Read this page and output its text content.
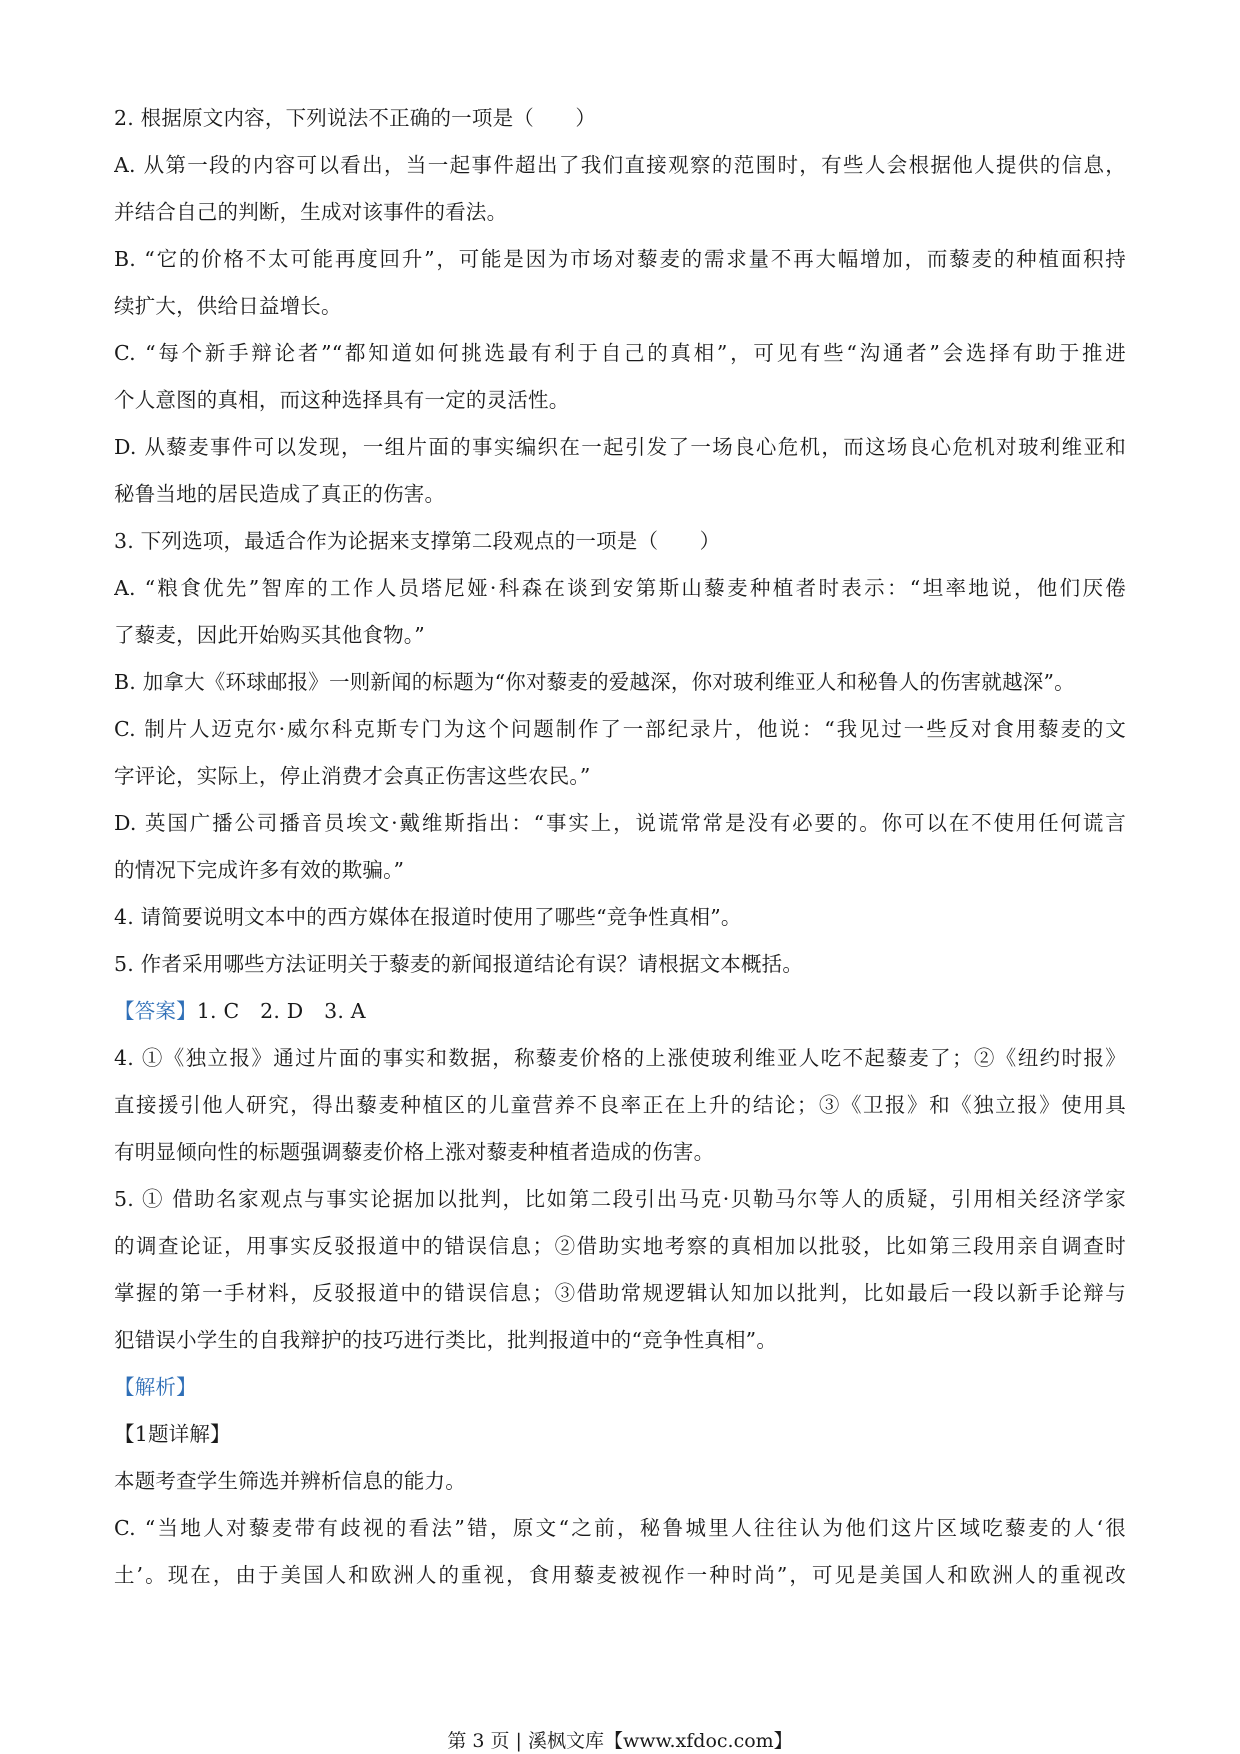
2. 根据原文内容，下列说法不正确的一项是（　　）
A. 从第一段的内容可以看出，当一起事件超出了我们直接观察的范围时，有些人会根据他人提供的信息，
并结合自己的判断，生成对该事件的看法。
B. “它的价格不太可能再度回升”，可能是因为市场对藜麦的需求量不再大幅增加，而藜麦的种植面积持
续扩大，供给日益增长。
C. “每个新手辩论者”“都知道如何挑选最有利于自己的真相”，可见有些“沟通者”会选择有助于推进
个人意图的真相，而这种选择具有一定的灵活性。
D. 从藜麦事件可以发现，一组片面的事实编织在一起引发了一场良心危机，而这场良心危机对玻利维亚和
秘鲁当地的居民造成了真正的伤害。
3. 下列选项，最适合作为论据来支撑第二段观点的一项是（　　）
A. “粮食优先”智库的工作人员塔尼娅·科森在谈到安第斯山藜麦种植者时表示：“坦率地说，他们厌倦
了藜麦，因此开始购买其他食物。”
B. 加拿大《环球邮报》一则新闻的标题为“你对藜麦的爱越深，你对玻利维亚人和秘鲁人的伤害就越深”。
C. 制片人迈克尔·威尔科克斯专门为这个问题制作了一部纪录片，他说：“我见过一些反对食用藜麦的文
字评论，实际上，停止消费才会真正伤害这些农民。”
D. 英国广播公司播音员埃文·戴维斯指出：“事实上，说谎常常是没有必要的。你可以在不使用任何谎言
的情况下完成许多有效的欺骗。”
4. 请简要说明文本中的西方媒体在报道时使用了哪些“竞争性真相”。
5. 作者采用哪些方法证明关于藜麦的新闻报道结论有误？请根据文本概括。
【答案】1. C　2. D　3. A
4. ①《独立报》通过片面的事实和数据，称藜麦价格的上涨使玻利维亚人吃不起藜麦了；②《纽约时报》
直接援引他人研究，得出藜麦种植区的儿童营养不良率正在上升的结论；③《卫报》和《独立报》使用具
有明显倾向性的标题强调藜麦价格上涨对藜麦种植者造成的伤害。
5. ① 借助名家观点与事实论据加以批判，比如第二段引出马克·贝勒马尔等人的质疑，引用相关经济学家
的调查论证，用事实反驳报道中的错误信息；②借助实地考察的真相加以批驳，比如第三段用亲自调查时
掌握的第一手材料，反驳报道中的错误信息；③借助常规逻辑认知加以批判，比如最后一段以新手论辩与
犯错误小学生的自我辩护的技巧进行类比，批判报道中的“竞争性真相”。
【解析】
【1题详解】
本题考查学生筛选并辨析信息的能力。
C. “当地人对藜麦带有歧视的看法”错，原文“之前，秘鲁城里人往往认为他们这片区域吃藜麦的人‘很
土’。现在，由于美国人和欧洲人的重视，食用藜麦被视作一种时尚”，可见是美国人和欧洲人的重视改
第 3 页 | 溪枫文库【www.xfdoc.com】
